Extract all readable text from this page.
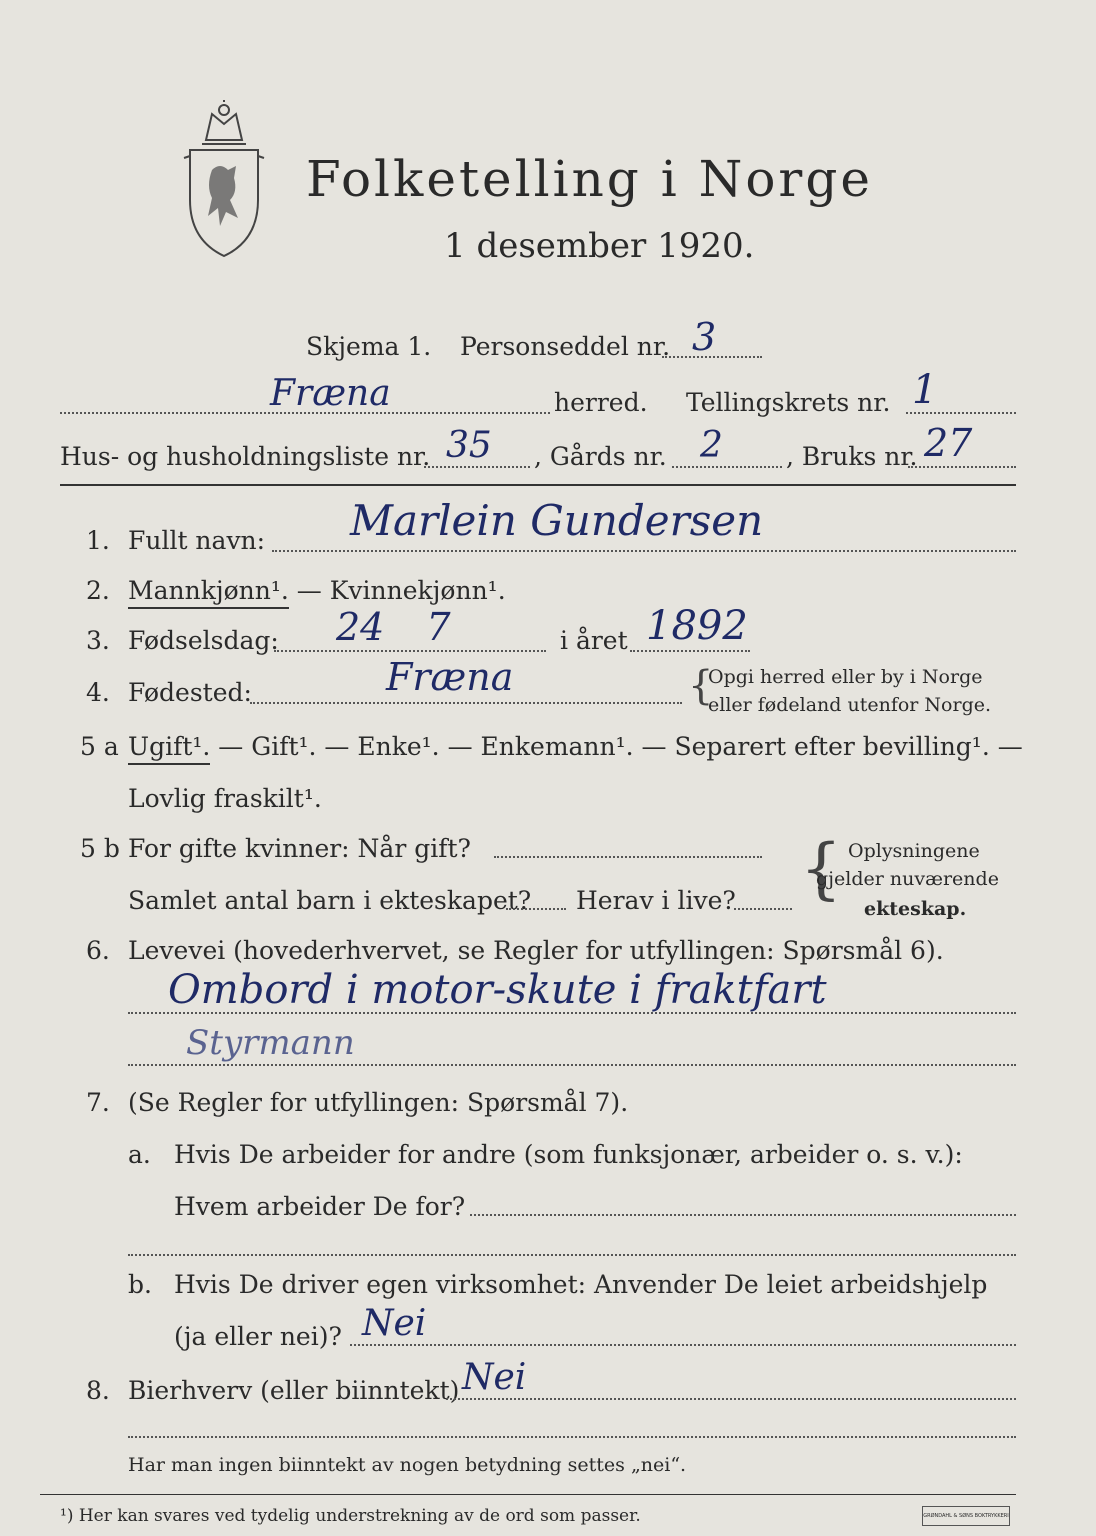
Folketelling i Norge
1 desember 1920.
Skjema 1. Personseddel nr. 3
Fræna	herred. Tellingskrets nr. 1
Hus- og husholdningsliste nr. 35 , Gårds nr. 2	, Bruks nr. 27
1. Fullt navn: Marlein Gundersen
2. Mannkjønn¹. — Kvinnekjønn¹.
3. Fødselsdag: 24 7	i året 1892
4. Fødested:	Fræna	{
Opgi herred eller by i Norge
eller fødeland utenfor Norge.
5 a Ugift¹. — Gift¹. — Enke¹. — Enkemann¹. — Separert efter bevilling¹. —
Lovlig fraskilt¹.
5 b For gifte kvinner: Når gift?
Samlet antal barn i ekteskapet? Herav i live? { Oplysningene
gjelder nuværende
ekteskap.
6. Levevei (hovederhvervet, se Regler for utfyllingen: Spørsmål 6).
Ombord i motor-skute i fraktfart
Styrmann
7. (Se Regler for utfyllingen: Spørsmål 7).
a. Hvis De arbeider for andre (som funksjonær, arbeider o. s. v.):
Hvem arbeider De for?
b. Hvis De driver egen virksomhet: Anvender De leiet arbeidshjelp
(ja eller nei)? Nei
8. Bierhverv (eller biinntekt) Nei
Har man ingen biinntekt av nogen betydning settes „nei“.
¹) Her kan svares ved tydelig understrekning av de ord som passer.	GRØNDAHL & SØNS BOKTRYKKERI
